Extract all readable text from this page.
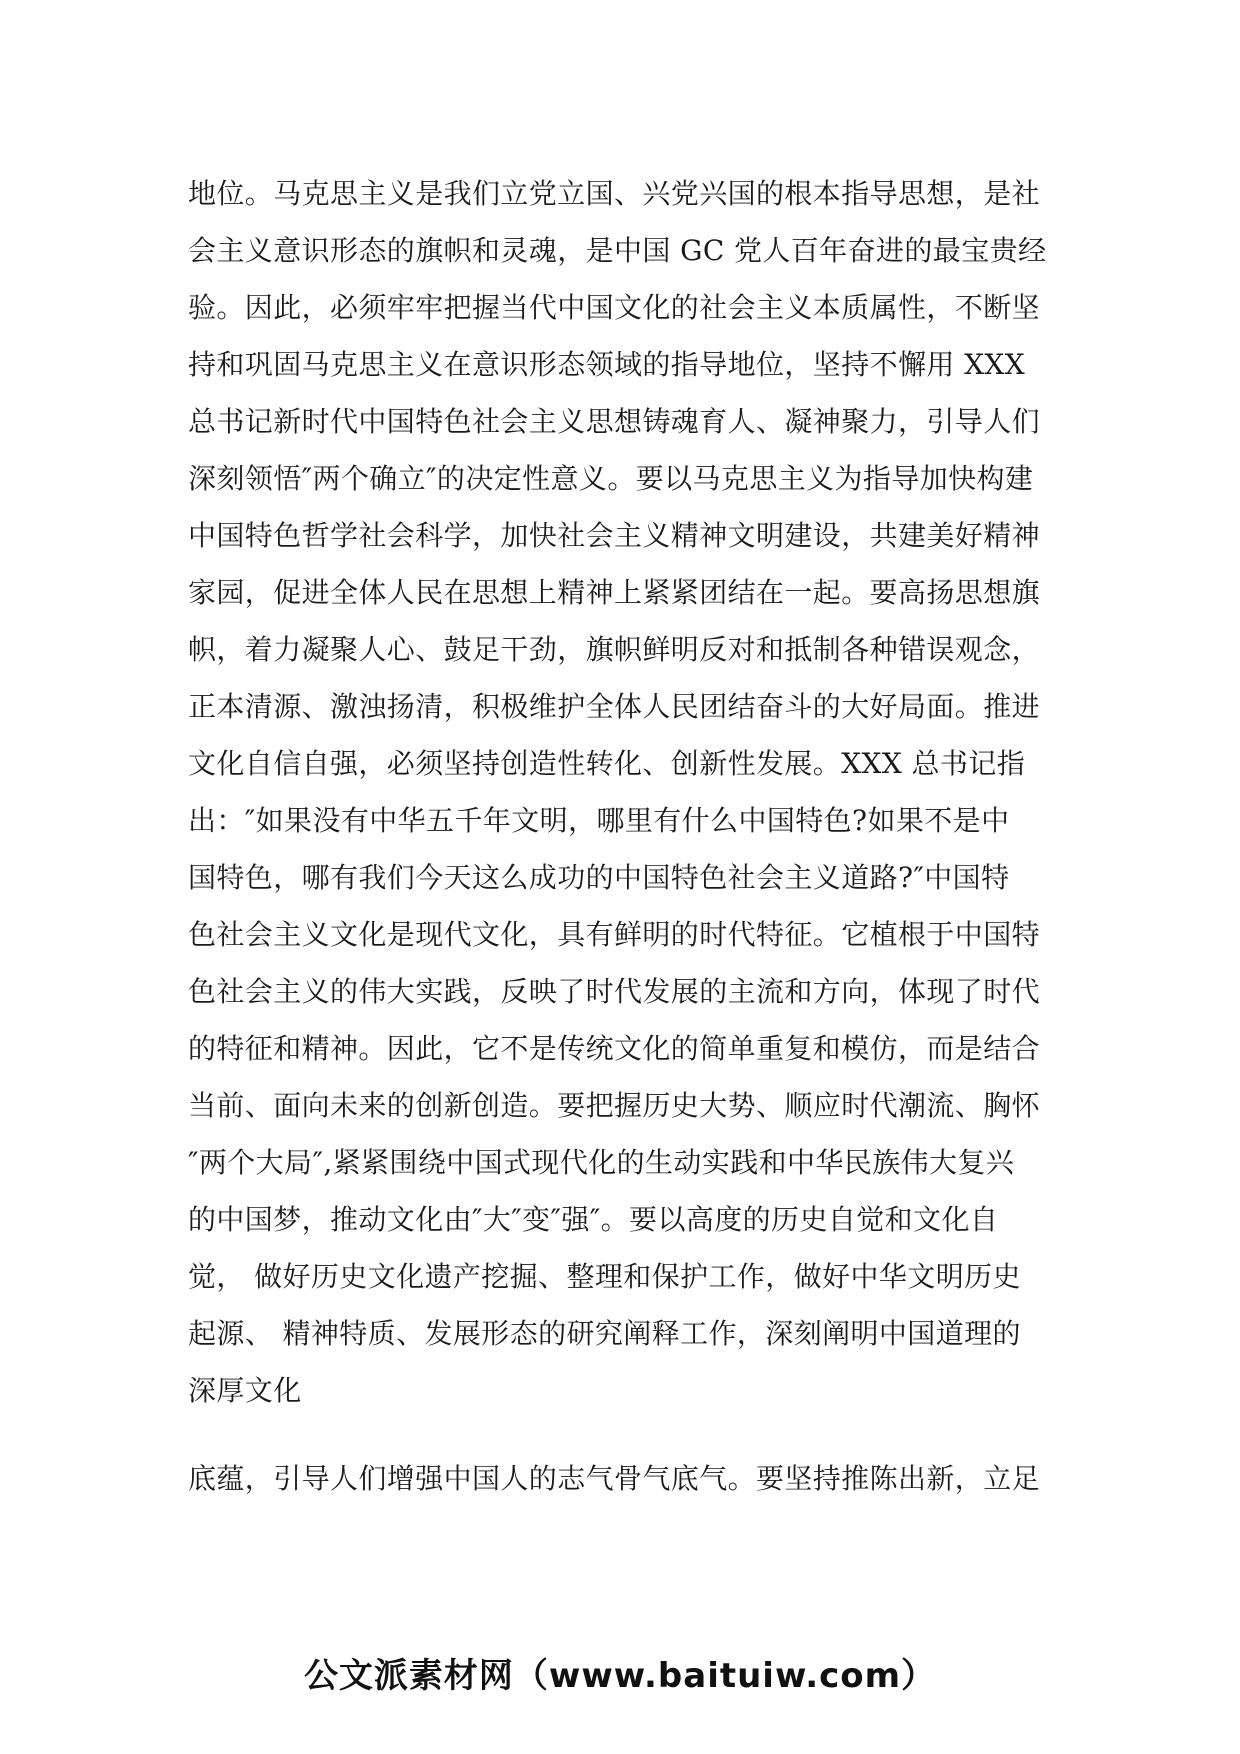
地位。马克思主义是我们立党立国、兴党兴国的根本指导思想，是社
会主义意识形态的旗帜和灵魂，是中国 GC 党人百年奋进的最宝贵经
验。因此，必须牢牢把握当代中国文化的社会主义本质属性，不断坚
持和巩固马克思主义在意识形态领域的指导地位，坚持不懈用 XXX
总书记新时代中国特色社会主义思想铸魂育人、凝神聚力，引导人们
深刻领悟″两个确立″的决定性意义。要以马克思主义为指导加快构建
中国特色哲学社会科学，加快社会主义精神文明建设，共建美好精神
家园，促进全体人民在思想上精神上紧紧团结在一起。要高扬思想旗
帜，着力凝聚人心、鼓足干劲，旗帜鲜明反对和抵制各种错误观念，
正本清源、激浊扬清，积极维护全体人民团结奋斗的大好局面。推进
文化自信自强，必须坚持创造性转化、创新性发展。XXX 总书记指
出：″如果没有中华五千年文明，哪里有什么中国特色?如果不是中
国特色，哪有我们今天这么成功的中国特色社会主义道路?″中国特
色社会主义文化是现代文化，具有鲜明的时代特征。它植根于中国特
色社会主义的伟大实践，反映了时代发展的主流和方向，体现了时代
的特征和精神。因此，它不是传统文化的简单重复和模仿，而是结合
当前、面向未来的创新创造。要把握历史大势、顺应时代潮流、胸怀
″两个大局″,紧紧围绕中国式现代化的生动实践和中华民族伟大复兴
的中国梦，推动文化由″大″变″强″。要以高度的历史自觉和文化自
觉， 做好历史文化遗产挖掘、整理和保护工作，做好中华文明历史
起源、 精神特质、发展形态的研究阐释工作，深刻阐明中国道理的
深厚文化
底蕴，引导人们增强中国人的志气骨气底气。要坚持推陈出新，立足
公文派素材网（www.baituiw.com）
